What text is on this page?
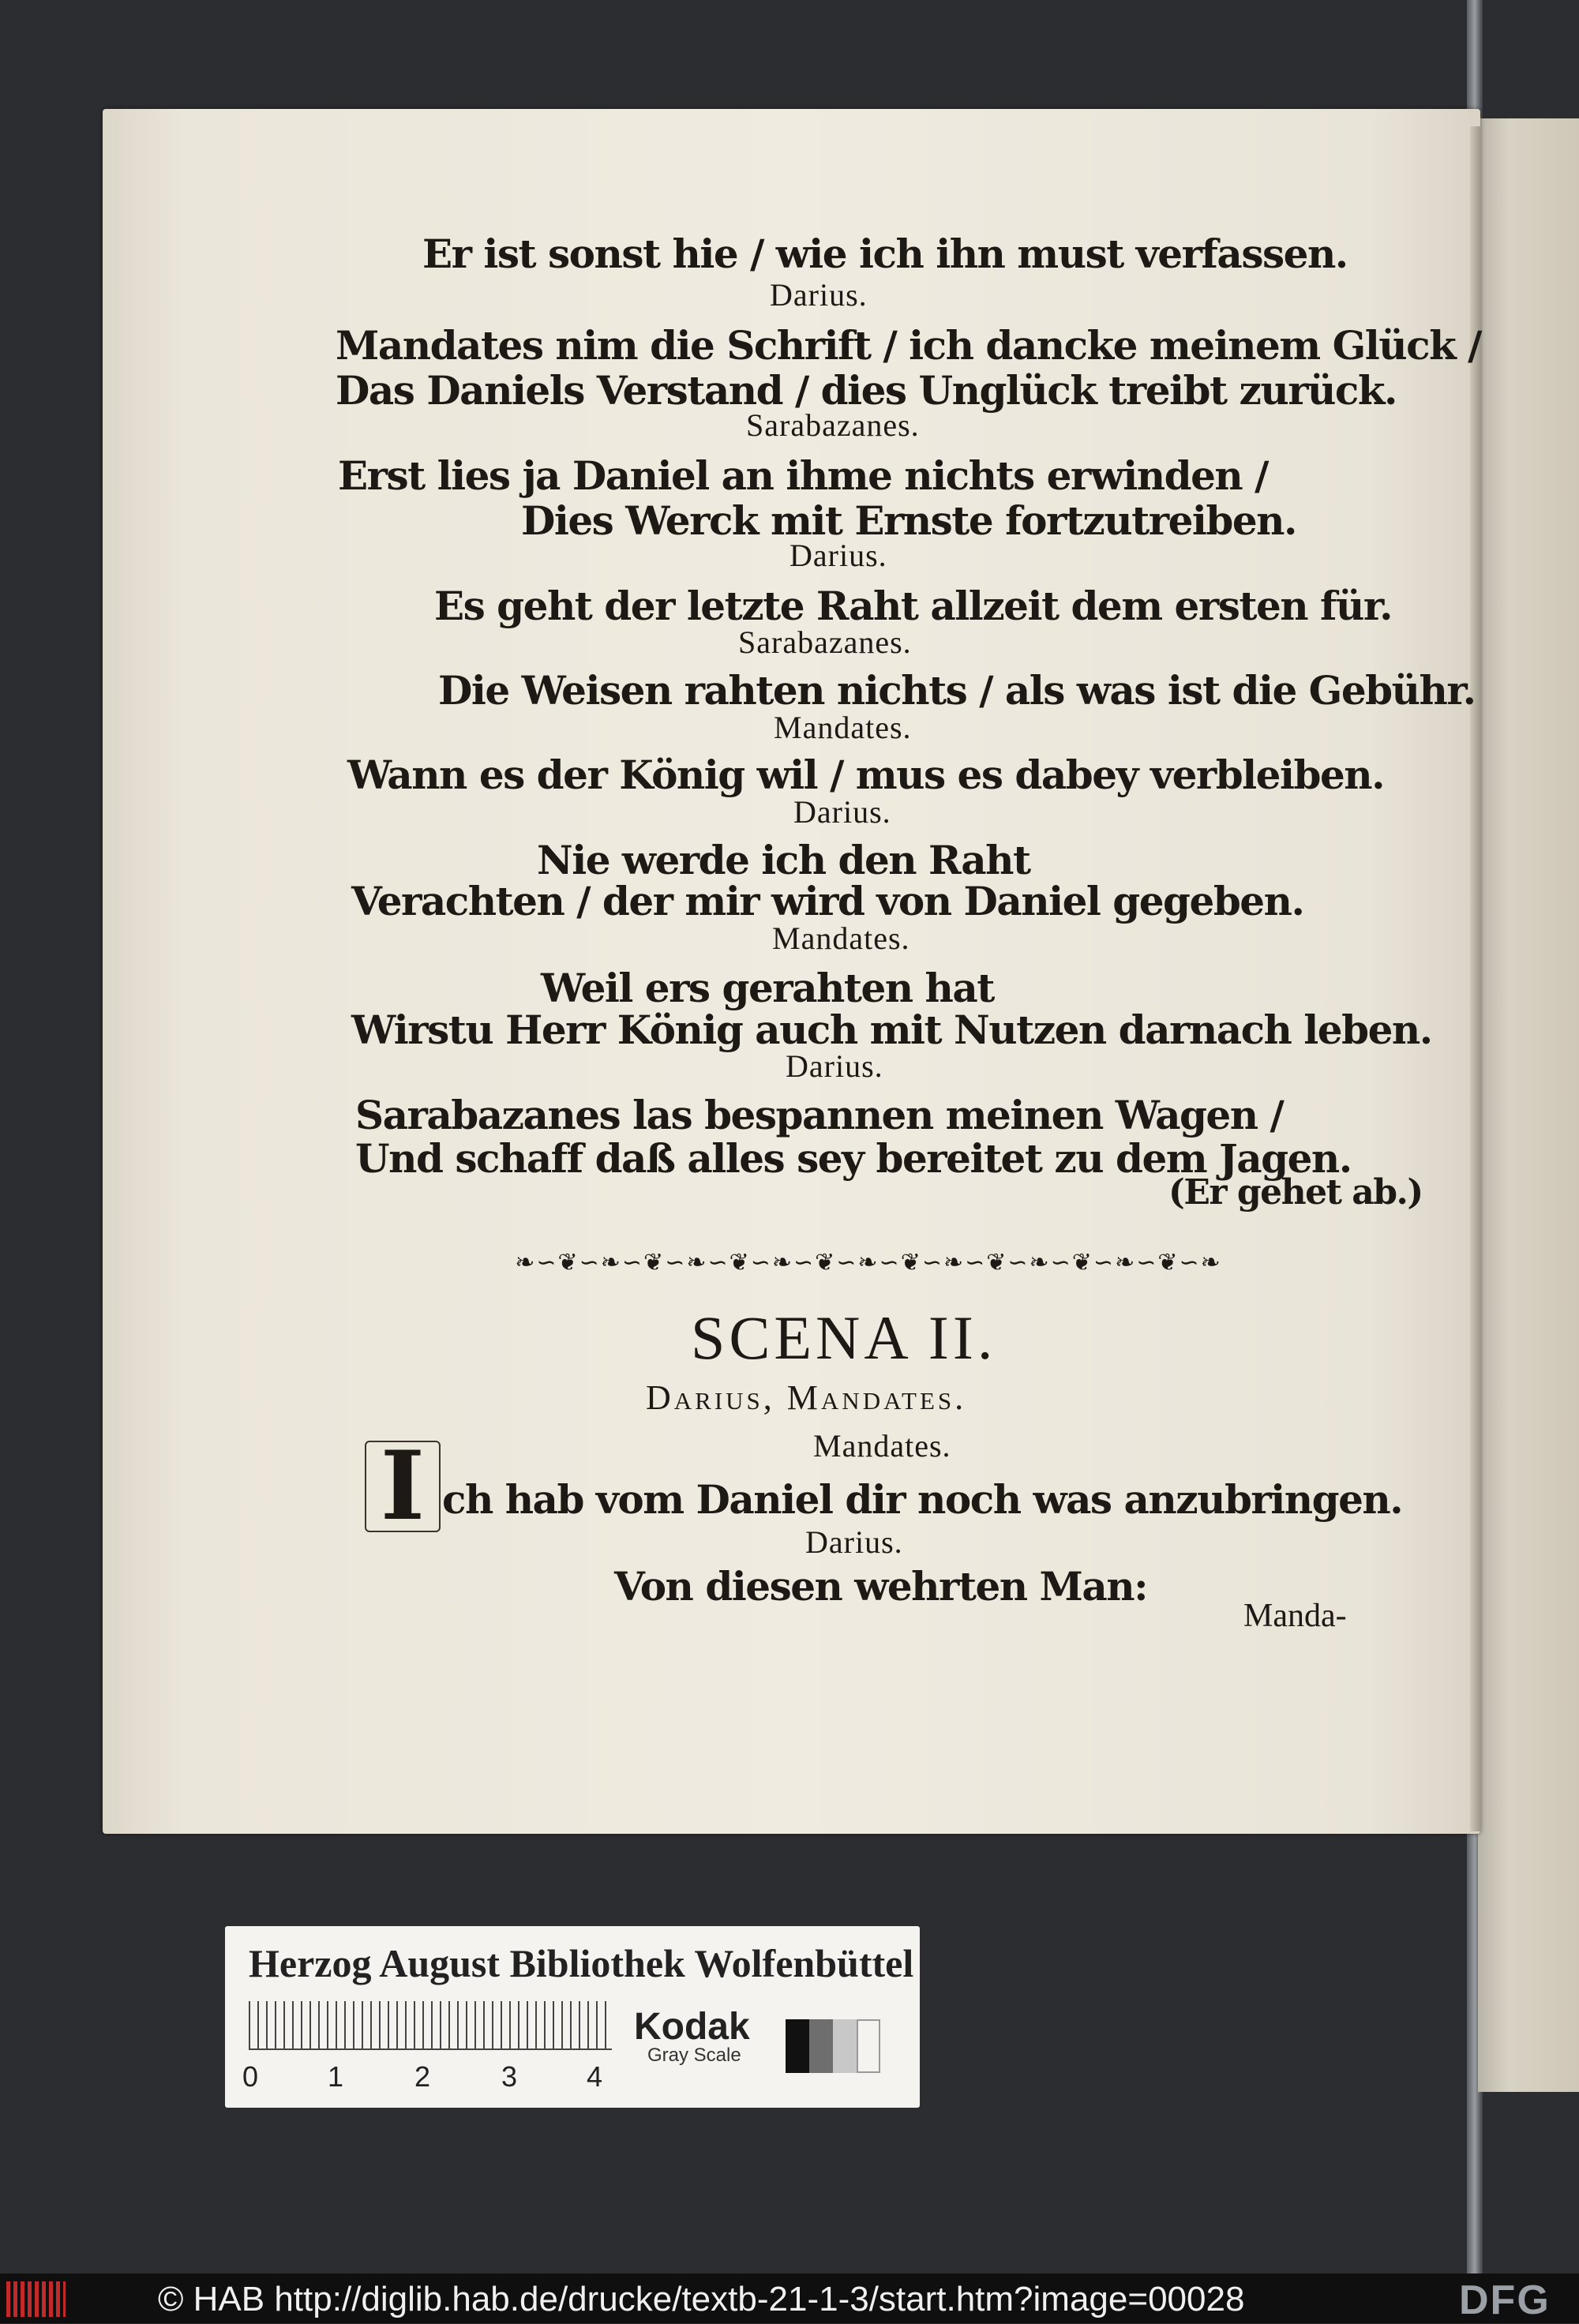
Er ist sonst hie / wie ich ihn must verfassen.
Darius.
Mandates nim die Schrift / ich dancke meinem Glück /
Das Daniels Verstand / dies Unglück treibt zurück.
Sarabazanes.
Erst lies ja Daniel an ihme nichts erwinden /
Dies Werck mit Ernste fortzutreiben.
Darius.
Es geht der letzte Raht allzeit dem ersten für.
Sarabazanes.
Die Weisen rahten nichts / als was ist die Gebühr.
Mandates.
Wann es der König wil / mus es dabey verbleiben.
Darius.
Nie werde ich den Raht
Verachten / der mir wird von Daniel gegeben.
Mandates.
Weil ers gerahten hat
Wirstu Herr König auch mit Nutzen darnach leben.
Darius.
Sarabazanes las bespannen meinen Wagen /
Und schaff daß alles sey bereitet zu dem Jagen.
(Er gehet ab.)
❧∽❦∽❧∽❦∽❧∽❦∽❧∽❦∽❧∽❦∽❧∽❦∽❧∽❦∽❧∽❦∽❧
SCENA II.
Darius, Mandates.
Mandates.
I ch hab vom Daniel dir noch was anzubringen.
Darius.
Von diesen wehrten Man:
Manda-
Herzog August Bibliothek Wolfenbüttel
0 1 2 3 4
Kodak
Gray Scale
© HAB http://diglib.hab.de/drucke/textb-21-1-3/start.htm?image=00028	DFG
